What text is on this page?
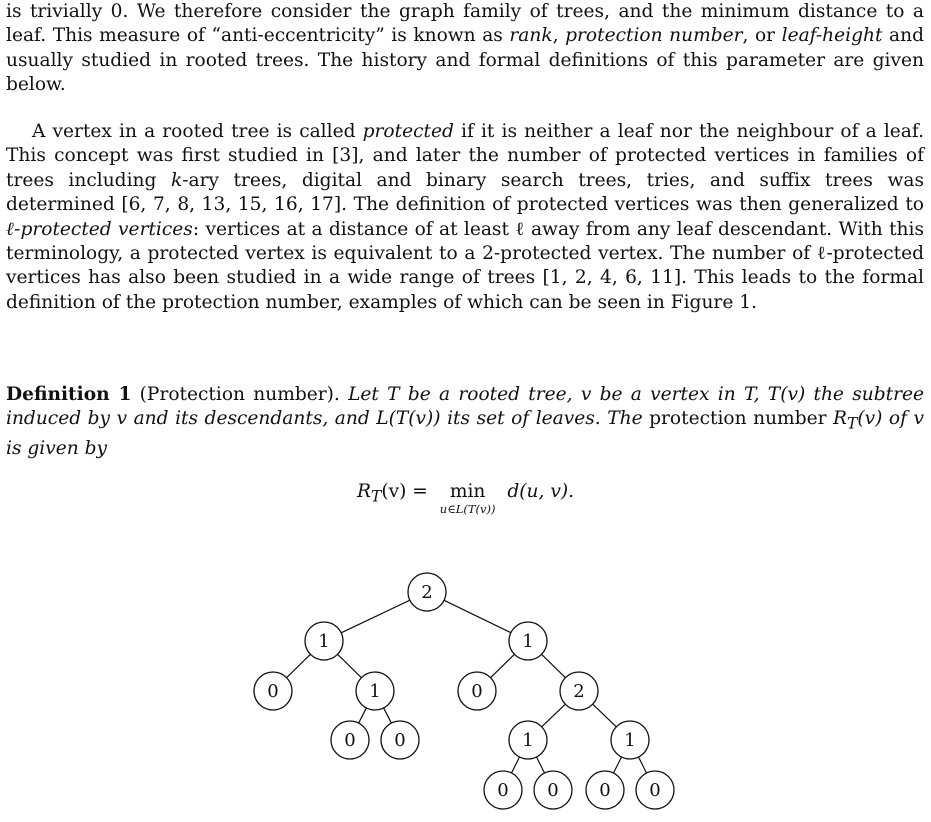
is trivially 0. We therefore consider the graph family of trees, and the minimum distance to a leaf. This measure of “anti-eccentricity” is known as rank, protection number, or leaf-height and usually studied in rooted trees. The history and formal definitions of this parameter are given below.

A vertex in a rooted tree is called protected if it is neither a leaf nor the neighbour of a leaf. This concept was first studied in [3], and later the number of protected vertices in families of trees including k-ary trees, digital and binary search trees, tries, and suffix trees was determined [6, 7, 8, 13, 15, 16, 17]. The definition of protected vertices was then generalized to ℓ-protected vertices: vertices at a distance of at least ℓ away from any leaf descendant. With this terminology, a protected vertex is equivalent to a 2-protected vertex. The number of ℓ-protected vertices has also been studied in a wide range of trees [1, 2, 4, 6, 11]. This leads to the formal definition of the protection number, examples of which can be seen in Figure 1.

Definition 1 (Protection number). Let T be a rooted tree, v be a vertex in T, T(v) the subtree induced by v and its descendants, and L(T(v)) its set of leaves. The protection number $R_T(v)$ of v is given by

$R_T(v)$ =	min
u∈L(T(v))
d(u, v).
2
1	1
0	1	0	2
0 0	1	1
0 0 0 0
